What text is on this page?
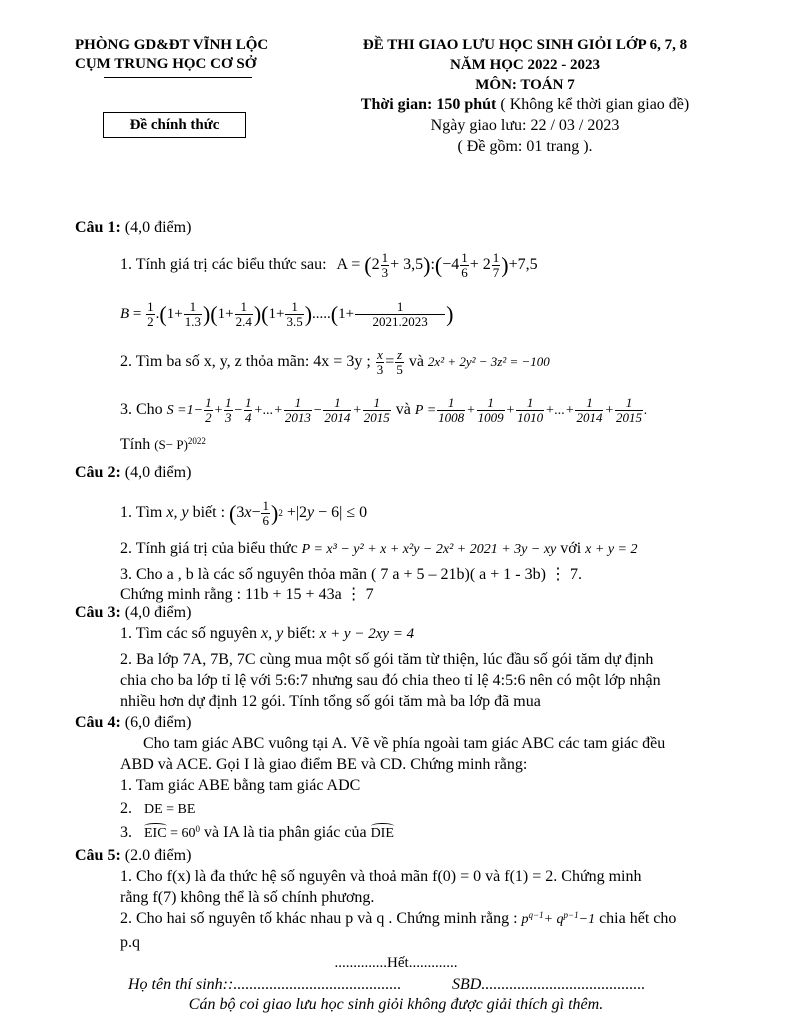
PHÒNG GD&ĐT VĨNH LỘC
CỤM TRUNG HỌC CƠ SỞ
Đề chính thức
ĐỀ THI GIAO LƯU HỌC SINH GIỎI LỚP 6, 7, 8
NĂM HỌC 2022 - 2023
MÔN: TOÁN 7
Thời gian: 150 phút ( Không kể thời gian giao đề)
Ngày giao lưu: 22 / 03 / 2023
( Đề gồm: 01 trang ).
Câu 1: (4,0 điểm)
1. Tính giá trị các biểu thức sau: $A = (2 \frac{1}{3}$ + 3,5):(−4 $\frac{1}{6} + 2 \frac{1}{7} )+7,5$
$B = \frac{1}{2} .(1+ \frac{1}{1.3} )(1+ \frac{1}{2.4} )(1+ \frac{1}{3.5} ).....(1+ \frac{1}{2021.2023}$ )
2. Tìm ba số x, y, z thỏa mãn: 4x = 3y ; $\frac{x}{3} = \frac{z}{5}$ và 2x² + 2y² − 3z² = −100
3. Cho $S =1- \frac{1}{2} + \frac{1}{3} - \frac{1}{4}$ +...+ $\frac{1}{2013} - \frac{1}{2014} + \frac{1}{2015}$ và $P = \frac{1}{1008} + \frac{1}{1009} + \frac{1}{1010}$ +...+ $\frac{1}{2014} + \frac{1}{2015}$ .
Tính $(S- P)^{2022}$
Câu 2: (4,0 điểm)
1. Tìm x, y biết : $(3x- \frac{1}{6} )^2 +|2y - 6| \le 0$
2. Tính giá trị của biểu thức P = x³ − y² + x + x²y − 2x² + 2021 + 3y − xy với x + y = 2
3. Cho a , b là các số nguyên thỏa mãn ( 7 a + 5 – 21b)( a + 1 - 3b) ⋮ 7.
Chứng minh rằng : 11b + 15 + 43a ⋮ 7
Câu 3: (4,0 điểm)
1. Tìm các số nguyên x, y biết: x + y − 2xy = 4
2. Ba lớp 7A, 7B, 7C cùng mua một số gói tăm từ thiện, lúc đầu số gói tăm dự định
chia cho ba lớp tỉ lệ với 5:6:7 nhưng sau đó chia theo tỉ lệ 4:5:6 nên có một lớp nhận
nhiều hơn dự định 12 gói. Tính tổng số gói tăm mà ba lớp đã mua
Câu 4: (6,0 điểm)
Cho tam giác ABC vuông tại A. Vẽ về phía ngoài tam giác ABC các tam giác đều
ABD và ACE. Gọi I là giao điểm BE và CD. Chứng minh rằng:
1. Tam giác ABE bằng tam giác ADC
2. DE = BE
3. EIC = $60^0$ và IA là tia phân giác của DIE
Câu 5: (2.0 điểm)
1. Cho f(x) là đa thức hệ số nguyên và thoả mãn f(0) = 0 và f(1) = 2. Chứng minh
rằng f(7) không thể là số chính phương.
2. Cho hai số nguyên tố khác nhau p và q . Chứng minh rằng : $p^{q-1}+ q^{p-1}-1$ chia hết cho
p.q
..............Hết.............
Họ tên thí sinh::..........................................	SBD.........................................
Cán bộ coi giao lưu học sinh giỏi không được giải thích gì thêm.
